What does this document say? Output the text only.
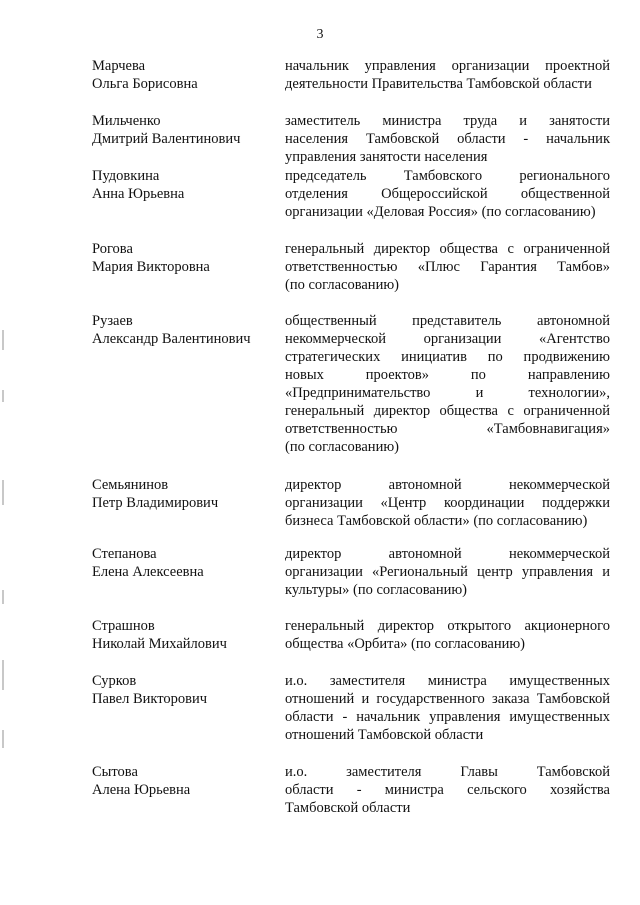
3
Марчева
Ольга Борисовна
начальник управления организации проектной
деятельности Правительства Тамбовской области
Мильченко
Дмитрий Валентинович
заместитель министра труда и занятости
населения Тамбовской области - начальник
управления занятости населения
Пудовкина
Анна Юрьевна
председатель Тамбовского регионального
отделения Общероссийской общественной
организации «Деловая Россия» (по согласованию)
Рогова
Мария Викторовна
генеральный директор общества с ограниченной
ответственностью «Плюс Гарантия Тамбов»
(по согласованию)
Рузаев
Александр Валентинович
общественный представитель автономной
некоммерческой организации «Агентство
стратегических инициатив по продвижению
новых проектов» по направлению
«Предпринимательство и технологии»,
генеральный директор общества с ограниченной
ответственностью «Тамбовнавигация»
(по согласованию)
Семьянинов
Петр Владимирович
директор автономной некоммерческой
организации «Центр координации поддержки
бизнеса Тамбовской области» (по согласованию)
Степанова
Елена Алексеевна
директор автономной некоммерческой
организации «Региональный центр управления и
культуры» (по согласованию)
Страшнов
Николай Михайлович
генеральный директор открытого акционерного
общества «Орбита» (по согласованию)
Сурков
Павел Викторович
и.о. заместителя министра имущественных
отношений и государственного заказа Тамбовской
области - начальник управления имущественных
отношений Тамбовской области
Сытова
Алена Юрьевна
и.о. заместителя Главы Тамбовской
области - министра сельского хозяйства
Тамбовской области
